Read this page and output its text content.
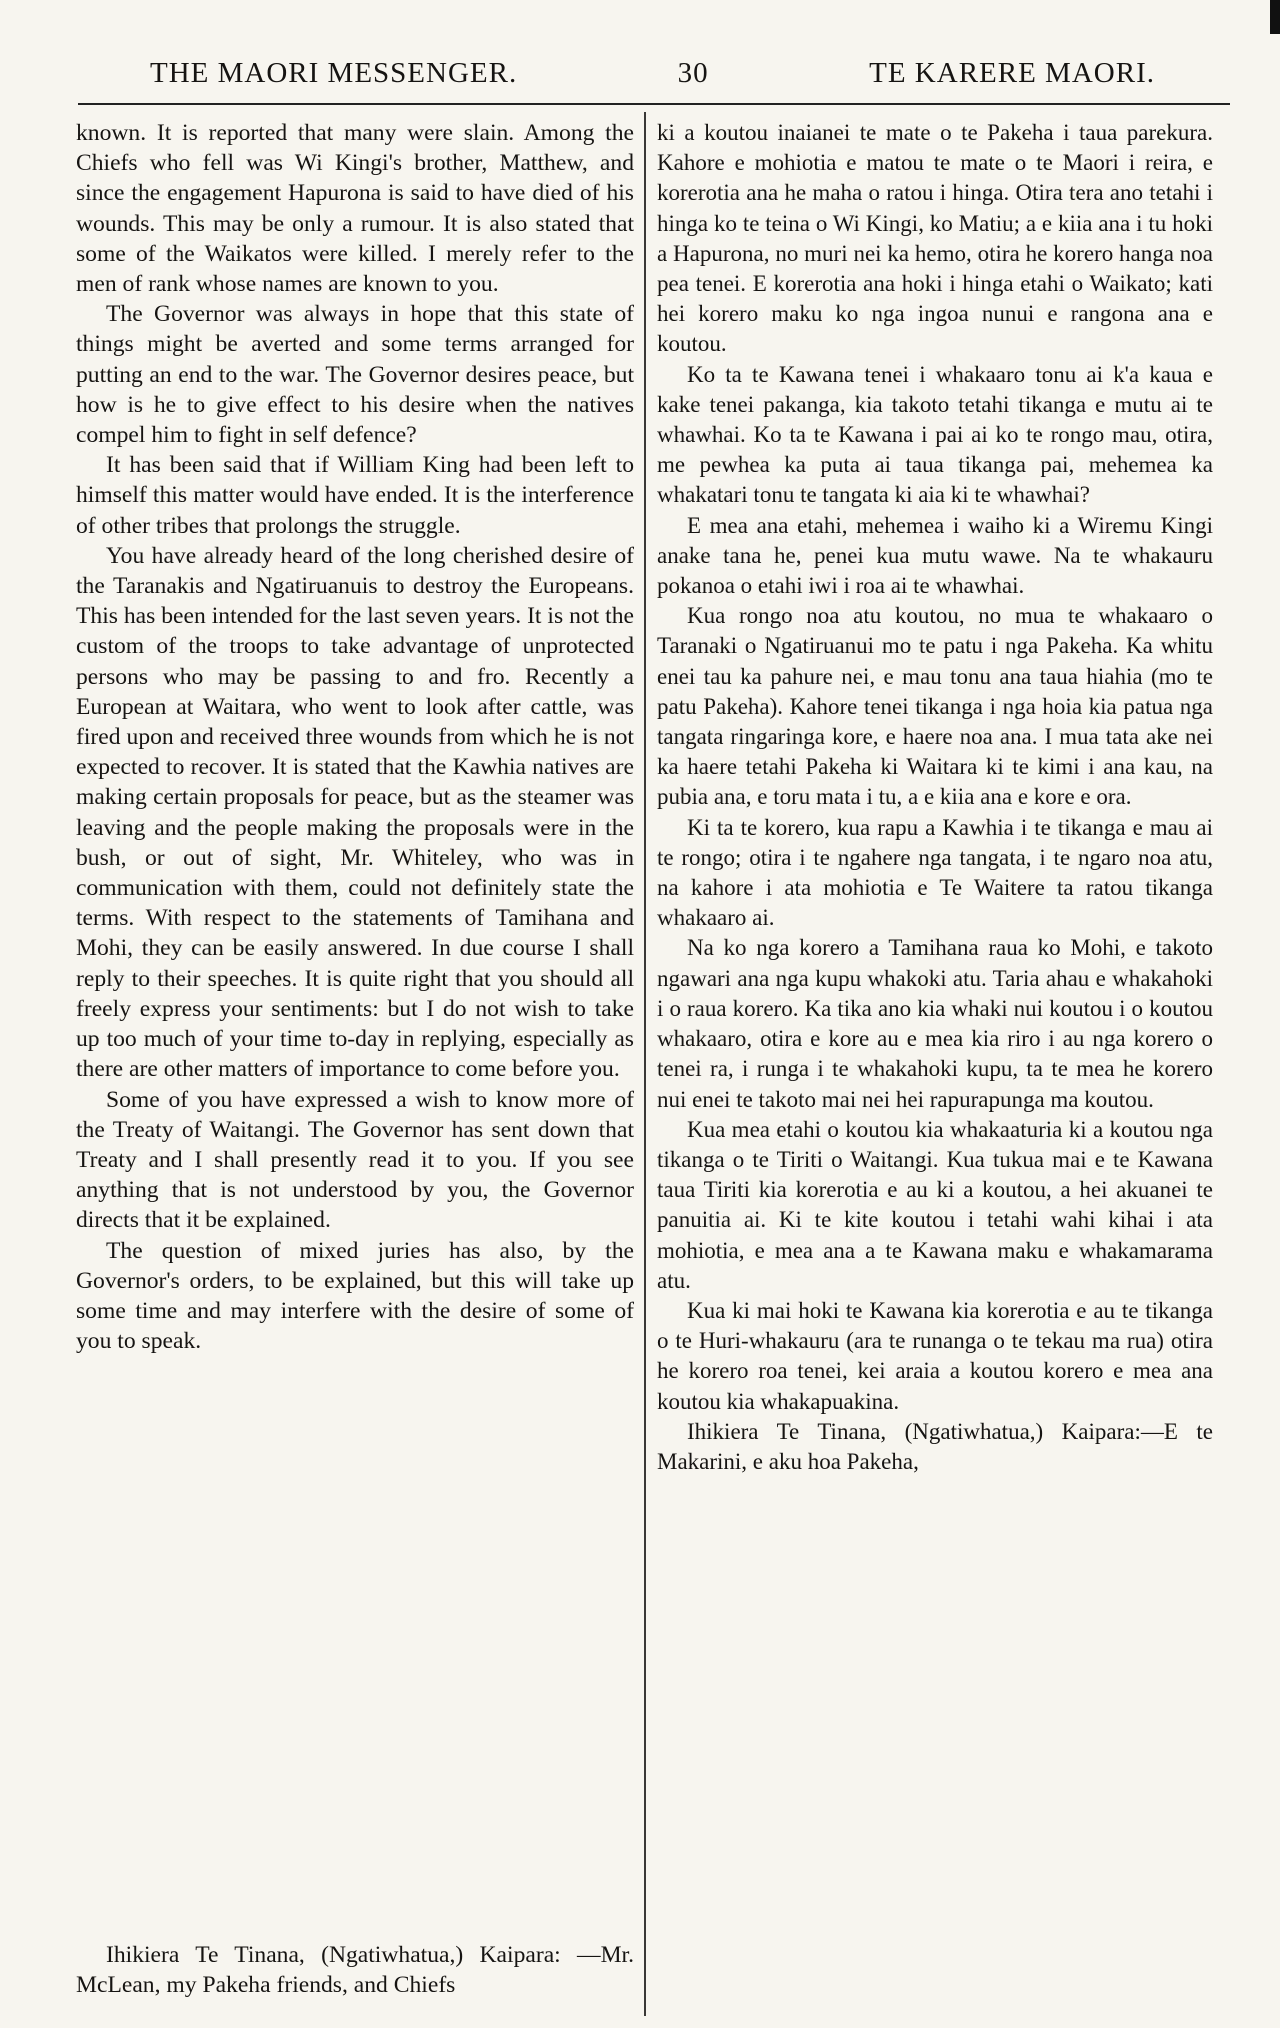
THE MAORI MESSENGER.	30	TE KARERE MAORI.

known. It is reported that many were slain. Among the Chiefs who fell was Wi Kingi's brother, Matthew, and since the engagement Hapurona is said to have died of his wounds. This may be only a rumour. It is also stated that some of the Waikatos were killed. I merely refer to the men of rank whose names are known to you.

The Governor was always in hope that this state of things might be averted and some terms arranged for putting an end to the war. The Governor desires peace, but how is he to give effect to his desire when the natives compel him to fight in self defence?

It has been said that if William King had been left to himself this matter would have ended. It is the interference of other tribes that prolongs the struggle.

You have already heard of the long cherished desire of the Taranakis and Ngatiruanuis to destroy the Europeans. This has been intended for the last seven years. It is not the custom of the troops to take advantage of unprotected persons who may be passing to and fro. Recently a European at Waitara, who went to look after cattle, was fired upon and received three wounds from which he is not expected to recover. It is stated that the Kawhia natives are making certain proposals for peace, but as the steamer was leaving and the people making the proposals were in the bush, or out of sight, Mr. Whiteley, who was in communication with them, could not definitely state the terms. With respect to the statements of Tamihana and Mohi, they can be easily answered. In due course I shall reply to their speeches. It is quite right that you should all freely express your sentiments: but I do not wish to take up too much of your time to-day in replying, especially as there are other matters of importance to come before you.

Some of you have expressed a wish to know more of the Treaty of Waitangi. The Governor has sent down that Treaty and I shall presently read it to you. If you see anything that is not understood by you, the Governor directs that it be explained.

The question of mixed juries has also, by the Governor's orders, to be explained, but this will take up some time and may interfere with the desire of some of you to speak.

Ihikiera Te Tinana, (Ngatiwhatua,) Kaipara: —Mr. McLean, my Pakeha friends, and Chiefs

ki a koutou inaianei te mate o te Pakeha i taua parekura. Kahore e mohiotia e matou te mate o te Maori i reira, e korerotia ana he maha o ratou i hinga. Otira tera ano tetahi i hinga ko te teina o Wi Kingi, ko Matiu; a e kiia ana i tu hoki a Hapurona, no muri nei ka hemo, otira he korero hanga noa pea tenei. E korerotia ana hoki i hinga etahi o Waikato; kati hei korero maku ko nga ingoa nunui e rangona ana e koutou.

Ko ta te Kawana tenei i whakaaro tonu ai k'a kaua e kake tenei pakanga, kia takoto tetahi tikanga e mutu ai te whawhai. Ko ta te Kawana i pai ai ko te rongo mau, otira, me pewhea ka puta ai taua tikanga pai, mehemea ka whakatari tonu te tangata ki aia ki te whawhai?

E mea ana etahi, mehemea i waiho ki a Wiremu Kingi anake tana he, penei kua mutu wawe. Na te whakauru pokanoa o etahi iwi i roa ai te whawhai.

Kua rongo noa atu koutou, no mua te whakaaro o Taranaki o Ngatiruanui mo te patu i nga Pakeha. Ka whitu enei tau ka pahure nei, e mau tonu ana taua hiahia (mo te patu Pakeha). Kahore tenei tikanga i nga hoia kia patua nga tangata ringaringa kore, e haere noa ana. I mua tata ake nei ka haere tetahi Pakeha ki Waitara ki te kimi i ana kau, na pubia ana, e toru mata i tu, a e kiia ana e kore e ora.

Ki ta te korero, kua rapu a Kawhia i te tikanga e mau ai te rongo; otira i te ngahere nga tangata, i te ngaro noa atu, na kahore i ata mohiotia e Te Waitere ta ratou tikanga whakaaro ai.

Na ko nga korero a Tamihana raua ko Mohi, e takoto ngawari ana nga kupu whakoki atu. Taria ahau e whakahoki i o raua korero. Ka tika ano kia whaki nui koutou i o koutou whakaaro, otira e kore au e mea kia riro i au nga korero o tenei ra, i runga i te whakahoki kupu, ta te mea he korero nui enei te takoto mai nei hei rapurapunga ma koutou.

Kua mea etahi o koutou kia whakaaturia ki a koutou nga tikanga o te Tiriti o Waitangi. Kua tukua mai e te Kawana taua Tiriti kia korerotia e au ki a koutou, a hei akuanei te panuitia ai. Ki te kite koutou i tetahi wahi kihai i ata mohiotia, e mea ana a te Kawana maku e whakamarama atu.

Kua ki mai hoki te Kawana kia korerotia e au te tikanga o te Huri-whakauru (ara te runanga o te tekau ma rua) otira he korero roa tenei, kei araia a koutou korero e mea ana koutou kia whakapuakina.

Ihikiera Te Tinana, (Ngatiwhatua,) Kaipara:—E te Makarini, e aku hoa Pakeha,
